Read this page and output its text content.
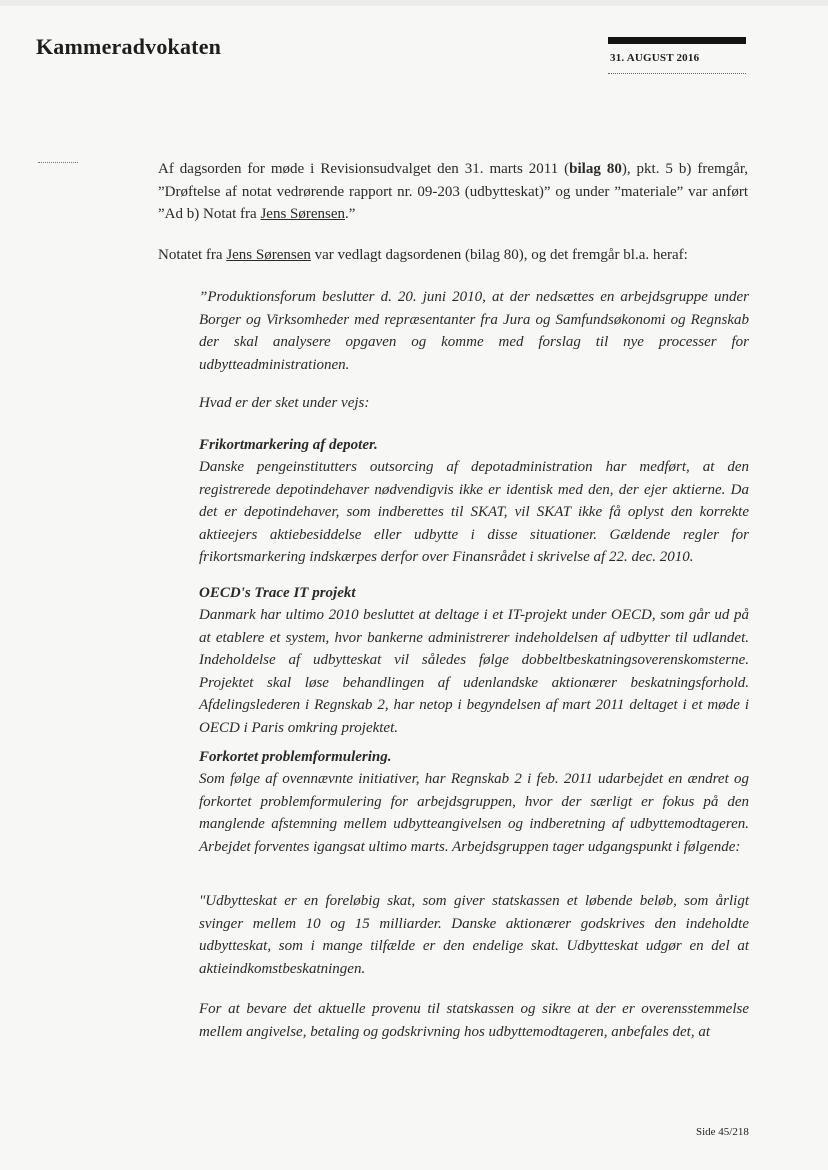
Kammeradvokaten	31. AUGUST 2016
Af dagsorden for møde i Revisionsudvalget den 31. marts 2011 (bilag 80), pkt. 5 b) fremgår, ”Drøftelse af notat vedrørende rapport nr. 09-203 (udbytteskat)” og under ”materiale” var anført ”Ad b) Notat fra Jens Sørensen.”
Notatet fra Jens Sørensen var vedlagt dagsordenen (bilag 80), og det fremgår bl.a. heraf:

”Produktionsforum beslutter d. 20. juni 2010, at der nedsættes en arbejdsgruppe under Borger og Virksomheder med repræsentanter fra Jura og Samfundsøkonomi og Regnskab der skal analysere opgaven og komme med forslag til nye processer for udbytteadministrationen.

Hvad er der sket under vejs:

Frikortmarkering af depoter.

Danske pengeinstitutters outsorcing af depotadministration har medført, at den registrerede depotindehaver nødvendigvis ikke er identisk med den, der ejer aktierne. Da det er depotindehaver, som indberettes til SKAT, vil SKAT ikke få oplyst den korrekte aktieejers aktiebesiddelse eller udbytte i disse situationer. Gældende regler for frikortsmarkering indskærpes derfor over Finansrådet i skrivelse af 22. dec. 2010.

OECD's Trace IT projekt

Danmark har ultimo 2010 besluttet at deltage i et IT-projekt under OECD, som går ud på at etablere et system, hvor bankerne administrerer indeholdelsen af udbytter til udlandet. Indeholdelse af udbytteskat vil således følge dobbeltbeskatningsoverenskomsterne. Projektet skal løse behandlingen af udenlandske aktionærer beskatningsforhold. Afdelingslederen i Regnskab 2, har netop i begyndelsen af mart 2011 deltaget i et møde i OECD i Paris omkring projektet.

Forkortet problemformulering.

Som følge af ovennævnte initiativer, har Regnskab 2 i feb. 2011 udarbejdet en ændret og forkortet problemformulering for arbejdsgruppen, hvor der særligt er fokus på den manglende afstemning mellem udbytteangivelsen og indberetning af udbyttemodtageren. Arbejdet forventes igangsat ultimo marts. Arbejdsgruppen tager udgangspunkt i følgende:

"Udbytteskat er en foreløbig skat, som giver statskassen et løbende beløb, som årligt svinger mellem 10 og 15 milliarder. Danske aktionærer godskrives den indeholdte udbytteskat, som i mange tilfælde er den endelige skat. Udbytteskat udgør en del at aktieindkomstbeskatningen.

For at bevare det aktuelle provenu til statskassen og sikre at der er overensstemmelse mellem angivelse, betaling og godskrivning hos udbyttemodtageren, anbefales det, at

Side 45/218
